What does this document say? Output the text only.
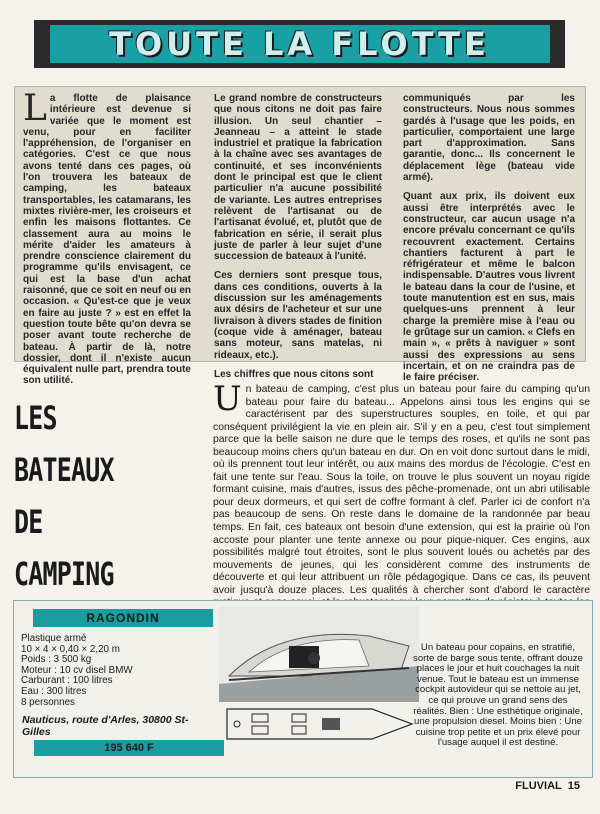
TOUTE LA FLOTTE

La flotte de plaisance intérieure est devenue si variée que le moment est venu, pour en faciliter l'appréhension, de l'organiser en catégories. C'est ce que nous avons tenté dans ces pages, où l'on trouvera les bateaux de camping, les bateaux transportables, les catamarans, les mixtes rivière-mer, les croiseurs et enfin les maisons flottantes. Ce classement aura au moins le mérite d'aider les amateurs à prendre conscience clairement du programme qu'ils envisagent, ce qui est la base d'un achat raisonné, que ce soit en neuf ou en occasion. « Qu'est-ce que je veux en faire au juste ? » est en effet la question toute bête qu'on devra se poser avant toute recherche de bateau. À partir de là, notre dossier, dont il n'existe aucun équivalent nulle part, prendra toute son utilité.

Le grand nombre de constructeurs que nous citons ne doit pas faire illusion. Un seul chantier – Jeanneau – a atteint le stade industriel et pratique la fabrication à la chaîne avec ses avantages de continuité, et ses inconvénients dont le principal est que le client particulier n'a aucune possibilité de variante. Les autres entreprises relèvent de l'artisanat ou de l'artisanat évolué, et, plutôt que de fabrication en série, il serait plus juste de parler à leur sujet d'une succession de bateaux à l'unité.

Ces derniers sont presque tous, dans ces conditions, ouverts à la discussion sur les aménagements aux désirs de l'acheteur et sur une livraison à divers stades de finition (coque vide à aménager, bateau sans moteur, sans matelas, ni rideaux, etc.).

Les chiffres que nous citons sont

communiqués par les constructeurs. Nous nous sommes gardés à l'usage que les poids, en particulier, comportaient une large part d'approximation. Sans garantie, donc... Ils concernent le déplacement lège (bateau vide armé).

Quant aux prix, ils doivent eux aussi être interprétés avec le constructeur, car aucun usage n'a encore prévalu concernant ce qu'ils recouvrent exactement. Certains chantiers facturent à part le réfrigérateur et même le balcon indispensable. D'autres vous livrent le bateau dans la cour de l'usine, et toute manutention est en sus, mais quelques-uns prennent à leur charge la première mise à l'eau ou le grûtage sur un camion. « Clefs en main », « prêts à naviguer » sont aussi des expressions au sens incertain, et on ne craindra pas de le faire préciser.

LES
BATEAUX
DE
CAMPING
Un bateau de camping, c'est plus un bateau pour faire du camping qu'un bateau pour faire du bateau... Appelons ainsi tous les engins qui se caractérisent par des superstructures souples, en toile, et qui par conséquent privilégient la vie en plein air. S'il y en a peu, c'est tout simplement parce que la belle saison ne dure que le temps des roses, et qu'ils ne sont pas beaucoup moins chers qu'un bateau en dur. On en voit donc surtout dans le midi, où ils prennent tout leur intérêt, ou aux mains des mordus de l'écologie. C'est en fait une tente sur l'eau. Sous la toile, on trouve le plus souvent un noyau rigide formant cuisine, mais d'autres, issus des pêche-promenade, ont un abri utilisable pour deux dormeurs, et qui sert de coffre formant à clef. Parler ici de confort n'a pas beaucoup de sens. On reste dans le domaine de la randonnée par beau temps. En fait, ces bateaux ont besoin d'une extension, qui est la prairie où l'on accoste pour planter une tente annexe ou pour pique-niquer. Ces engins, aux possibilités malgré tout étroites, sont le plus souvent loués ou achetés par des mouvements de jeunes, qui les considèrent comme des instruments de découverte et qui leur attribuent un rôle pédagogique. Dans ce cas, ils peuvent avoir jusqu'à douze places. Les qualités à chercher sont d'abord le caractère
RAGONDIN
Plastique armé
10 × 4 × 0,40 × 2,20 m
Poids : 3 500 kg
Moteur : 10 cv disel BMW
Carburant : 100 litres
Eau : 300 litres
8 personnes
Nauticus, route d'Arles, 30800 St-Gilles
195 640 F
Un bateau pour copains, en stratifié, sorte de barge sous tente, offrant douze places le jour et huit couchages la nuit venue. Tout le bateau est un immense cockpit autovideur qui se nettoie au jet, ce qui prouve un grand sens des réalités. Bien : Une esthétique originale, une propulsion diesel. Moins bien : Une cuisine trop petite et un prix élevé pour l'usage auquel il est destiné.
FLUVIAL 15
